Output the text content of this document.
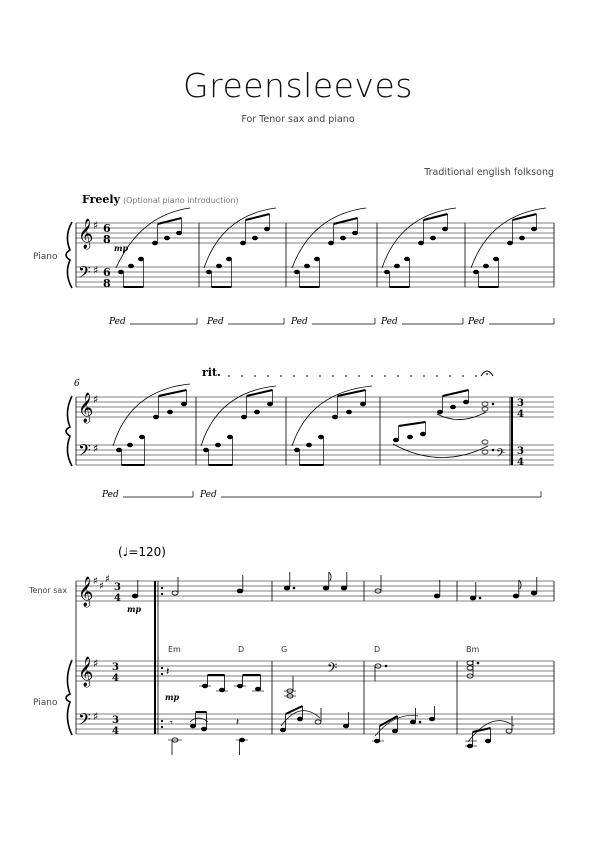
Greensleeves
For Tenor sax and piano
Traditional english folksong
Freely (Optional piano introduction)
Piano
𝄞
𝄢
♯
♯
6
8
6
8
mp
Ped	Ped	Ped	Ped	Ped
6
rit.
𝄞
𝄢
♯
♯	𝄢
3
4
3
4
Ped	Ped
(♩=120)
Tenor sax
Piano
𝄞 ♯ ♯
♯
𝄞 ♯
𝄢 ♯
3
4
3
4
3
4
mp
mp
Em	D	G	D	Bm
𝄽	𝄢
𝄾	𝄽
